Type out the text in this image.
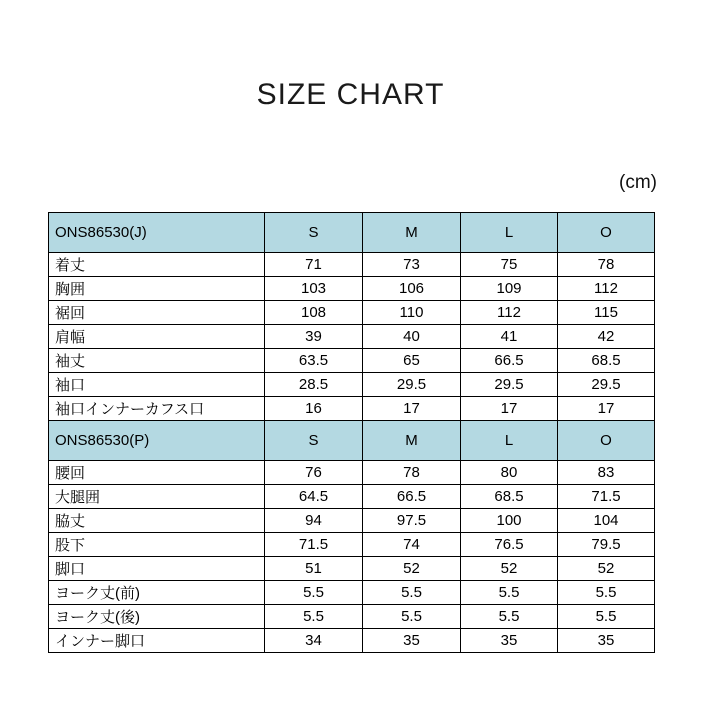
SIZE CHART
(cm)
ONS86530(J)	S	M	L	O
着丈	71	73	75	78
胸囲	103	106	109	112
裾回	108	110	112	115
肩幅	39	40	41	42
袖丈	63.5	65	66.5	68.5
袖口	28.5	29.5	29.5	29.5
袖口インナーカフス口	16	17	17	17
ONS86530(P)	S	M	L	O
腰回	76	78	80	83
大腿囲	64.5	66.5	68.5	71.5
脇丈	94	97.5	100	104
股下	71.5	74	76.5	79.5
脚口	51	52	52	52
ヨーク丈(前)	5.5	5.5	5.5	5.5
ヨーク丈(後)	5.5	5.5	5.5	5.5
インナー脚口	34	35	35	35
